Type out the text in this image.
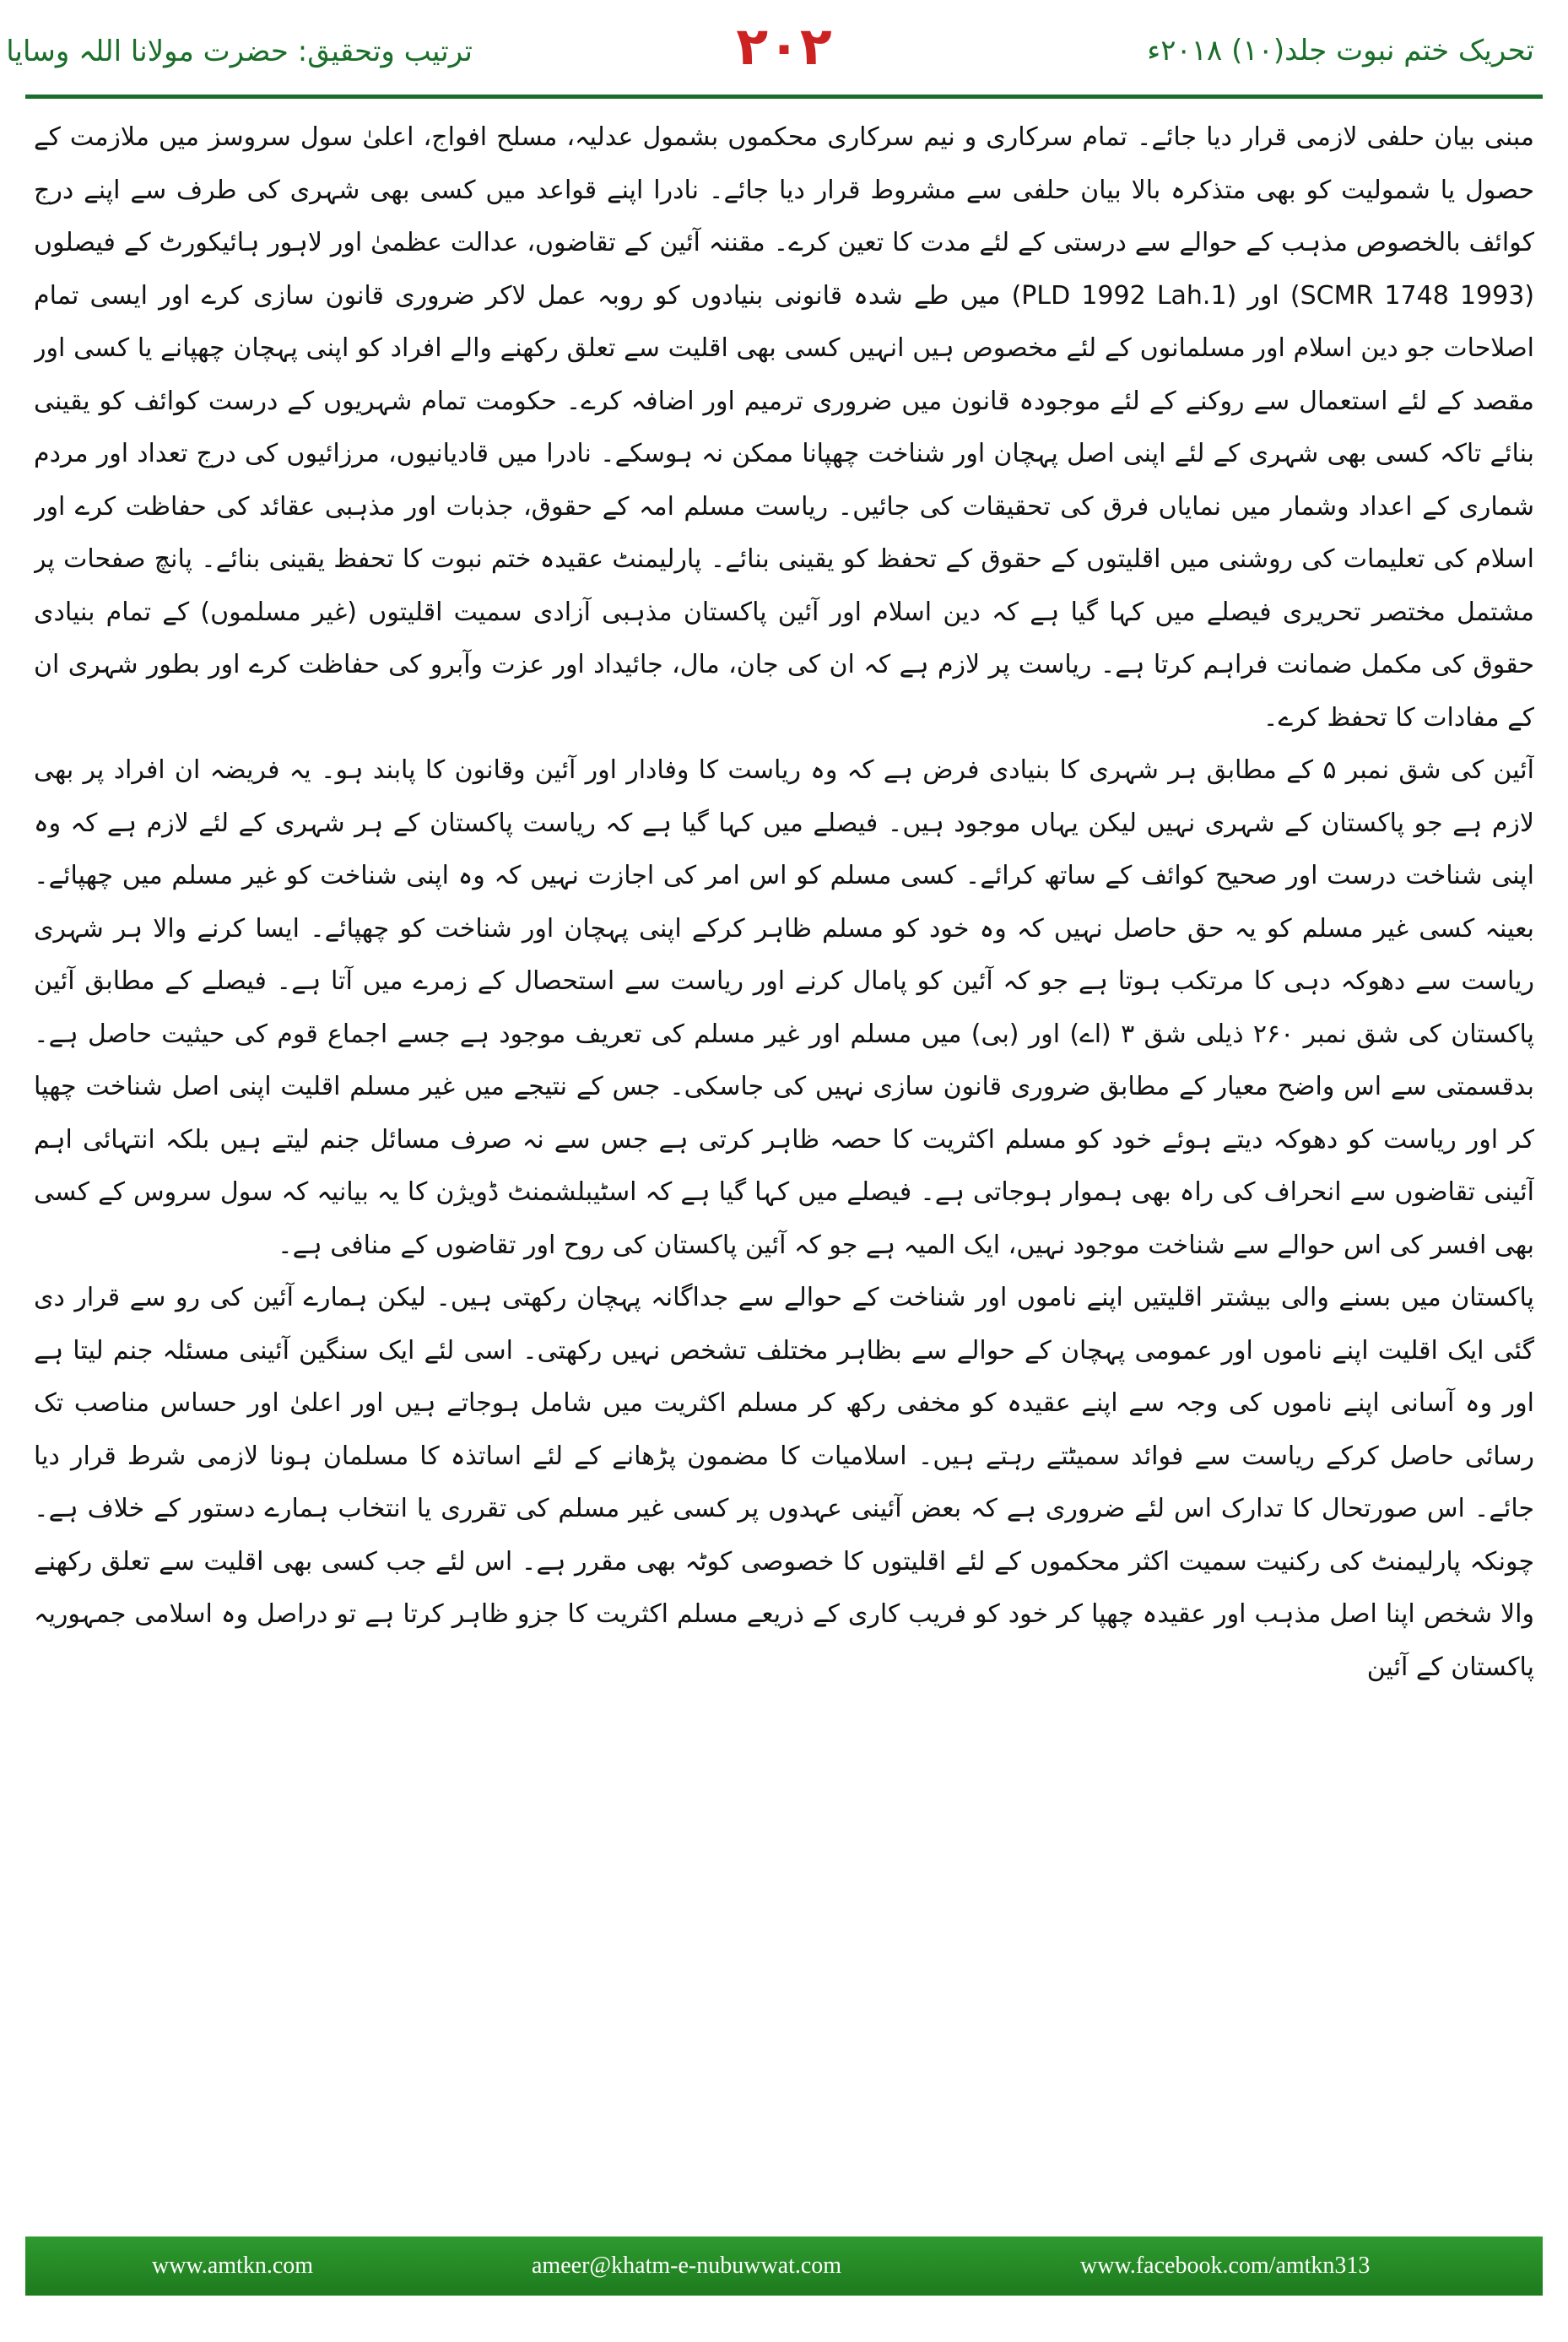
ترتیب وتحقیق: حضرت مولانا اللہ وسایا	۲۰۲	تحریک ختم نبوت جلد(۱۰) ۲۰۱۸ء

مبنی بیان حلفی لازمی قرار دیا جائے۔ تمام سرکاری و نیم سرکاری محکموں بشمول عدلیہ، مسلح افواج، اعلیٰ سول سروسز میں ملازمت کے حصول یا شمولیت کو بھی متذکرہ بالا بیان حلفی سے مشروط قرار دیا جائے۔ نادرا اپنے قواعد میں کسی بھی شہری کی طرف سے اپنے درج کوائف بالخصوص مذہب کے حوالے سے درستی کے لئے مدت کا تعین کرے۔ مقننہ آئین کے تقاضوں، عدالت عظمیٰ اور لاہور ہائیکورٹ کے فیصلوں (1993 SCMR 1748) اور (PLD 1992 Lah.1) میں طے شدہ قانونی بنیادوں کو روبہ عمل لاکر ضروری قانون سازی کرے اور ایسی تمام اصلاحات جو دین اسلام اور مسلمانوں کے لئے مخصوص ہیں انہیں کسی بھی اقلیت سے تعلق رکھنے والے افراد کو اپنی پہچان چھپانے یا کسی اور مقصد کے لئے استعمال سے روکنے کے لئے موجودہ قانون میں ضروری ترمیم اور اضافہ کرے۔ حکومت تمام شہریوں کے درست کوائف کو یقینی بنائے تاکہ کسی بھی شہری کے لئے اپنی اصل پہچان اور شناخت چھپانا ممکن نہ ہوسکے۔ نادرا میں قادیانیوں، مرزائیوں کی درج تعداد اور مردم شماری کے اعداد وشمار میں نمایاں فرق کی تحقیقات کی جائیں۔ ریاست مسلم امہ کے حقوق، جذبات اور مذہبی عقائد کی حفاظت کرے اور اسلام کی تعلیمات کی روشنی میں اقلیتوں کے حقوق کے تحفظ کو یقینی بنائے۔ پارلیمنٹ عقیدہ ختم نبوت کا تحفظ یقینی بنائے۔ پانچ صفحات پر مشتمل مختصر تحریری فیصلے میں کہا گیا ہے کہ دین اسلام اور آئین پاکستان مذہبی آزادی سمیت اقلیتوں (غیر مسلموں) کے تمام بنیادی حقوق کی مکمل ضمانت فراہم کرتا ہے۔ ریاست پر لازم ہے کہ ان کی جان، مال، جائیداد اور عزت وآبرو کی حفاظت کرے اور بطور شہری ان کے مفادات کا تحفظ کرے۔

آئین کی شق نمبر ۵ کے مطابق ہر شہری کا بنیادی فرض ہے کہ وہ ریاست کا وفادار اور آئین وقانون کا پابند ہو۔ یہ فریضہ ان افراد پر بھی لازم ہے جو پاکستان کے شہری نہیں لیکن یہاں موجود ہیں۔ فیصلے میں کہا گیا ہے کہ ریاست پاکستان کے ہر شہری کے لئے لازم ہے کہ وہ اپنی شناخت درست اور صحیح کوائف کے ساتھ کرائے۔ کسی مسلم کو اس امر کی اجازت نہیں کہ وہ اپنی شناخت کو غیر مسلم میں چھپائے۔ بعینہ کسی غیر مسلم کو یہ حق حاصل نہیں کہ وہ خود کو مسلم ظاہر کرکے اپنی پہچان اور شناخت کو چھپائے۔ ایسا کرنے والا ہر شہری ریاست سے دھوکہ دہی کا مرتکب ہوتا ہے جو کہ آئین کو پامال کرنے اور ریاست سے استحصال کے زمرے میں آتا ہے۔ فیصلے کے مطابق آئین پاکستان کی شق نمبر ۲۶۰ ذیلی شق ۳ (اے) اور (بی) میں مسلم اور غیر مسلم کی تعریف موجود ہے جسے اجماع قوم کی حیثیت حاصل ہے۔ بدقسمتی سے اس واضح معیار کے مطابق ضروری قانون سازی نہیں کی جاسکی۔ جس کے نتیجے میں غیر مسلم اقلیت اپنی اصل شناخت چھپا کر اور ریاست کو دھوکہ دیتے ہوئے خود کو مسلم اکثریت کا حصہ ظاہر کرتی ہے جس سے نہ صرف مسائل جنم لیتے ہیں بلکہ انتہائی اہم آئینی تقاضوں سے انحراف کی راہ بھی ہموار ہوجاتی ہے۔ فیصلے میں کہا گیا ہے کہ اسٹیبلشمنٹ ڈویژن کا یہ بیانیہ کہ سول سروس کے کسی بھی افسر کی اس حوالے سے شناخت موجود نہیں، ایک المیہ ہے جو کہ آئین پاکستان کی روح اور تقاضوں کے منافی ہے۔

پاکستان میں بسنے والی بیشتر اقلیتیں اپنے ناموں اور شناخت کے حوالے سے جداگانہ پہچان رکھتی ہیں۔ لیکن ہمارے آئین کی رو سے قرار دی گئی ایک اقلیت اپنے ناموں اور عمومی پہچان کے حوالے سے بظاہر مختلف تشخص نہیں رکھتی۔ اسی لئے ایک سنگین آئینی مسئلہ جنم لیتا ہے اور وہ آسانی اپنے ناموں کی وجہ سے اپنے عقیدہ کو مخفی رکھ کر مسلم اکثریت میں شامل ہوجاتے ہیں اور اعلیٰ اور حساس مناصب تک رسائی حاصل کرکے ریاست سے فوائد سمیٹتے رہتے ہیں۔ اسلامیات کا مضمون پڑھانے کے لئے اساتذہ کا مسلمان ہونا لازمی شرط قرار دیا جائے۔ اس صورتحال کا تدارک اس لئے ضروری ہے کہ بعض آئینی عہدوں پر کسی غیر مسلم کی تقرری یا انتخاب ہمارے دستور کے خلاف ہے۔ چونکہ پارلیمنٹ کی رکنیت سمیت اکثر محکموں کے لئے اقلیتوں کا خصوصی کوٹہ بھی مقرر ہے۔ اس لئے جب کسی بھی اقلیت سے تعلق رکھنے والا شخص اپنا اصل مذہب اور عقیدہ چھپا کر خود کو فریب کاری کے ذریعے مسلم اکثریت کا جزو ظاہر کرتا ہے تو دراصل وہ اسلامی جمہوریہ پاکستان کے آئین

www.amtkn.com	ameer@khatm-e-nubuwwat.com	www.facebook.com/amtkn313
